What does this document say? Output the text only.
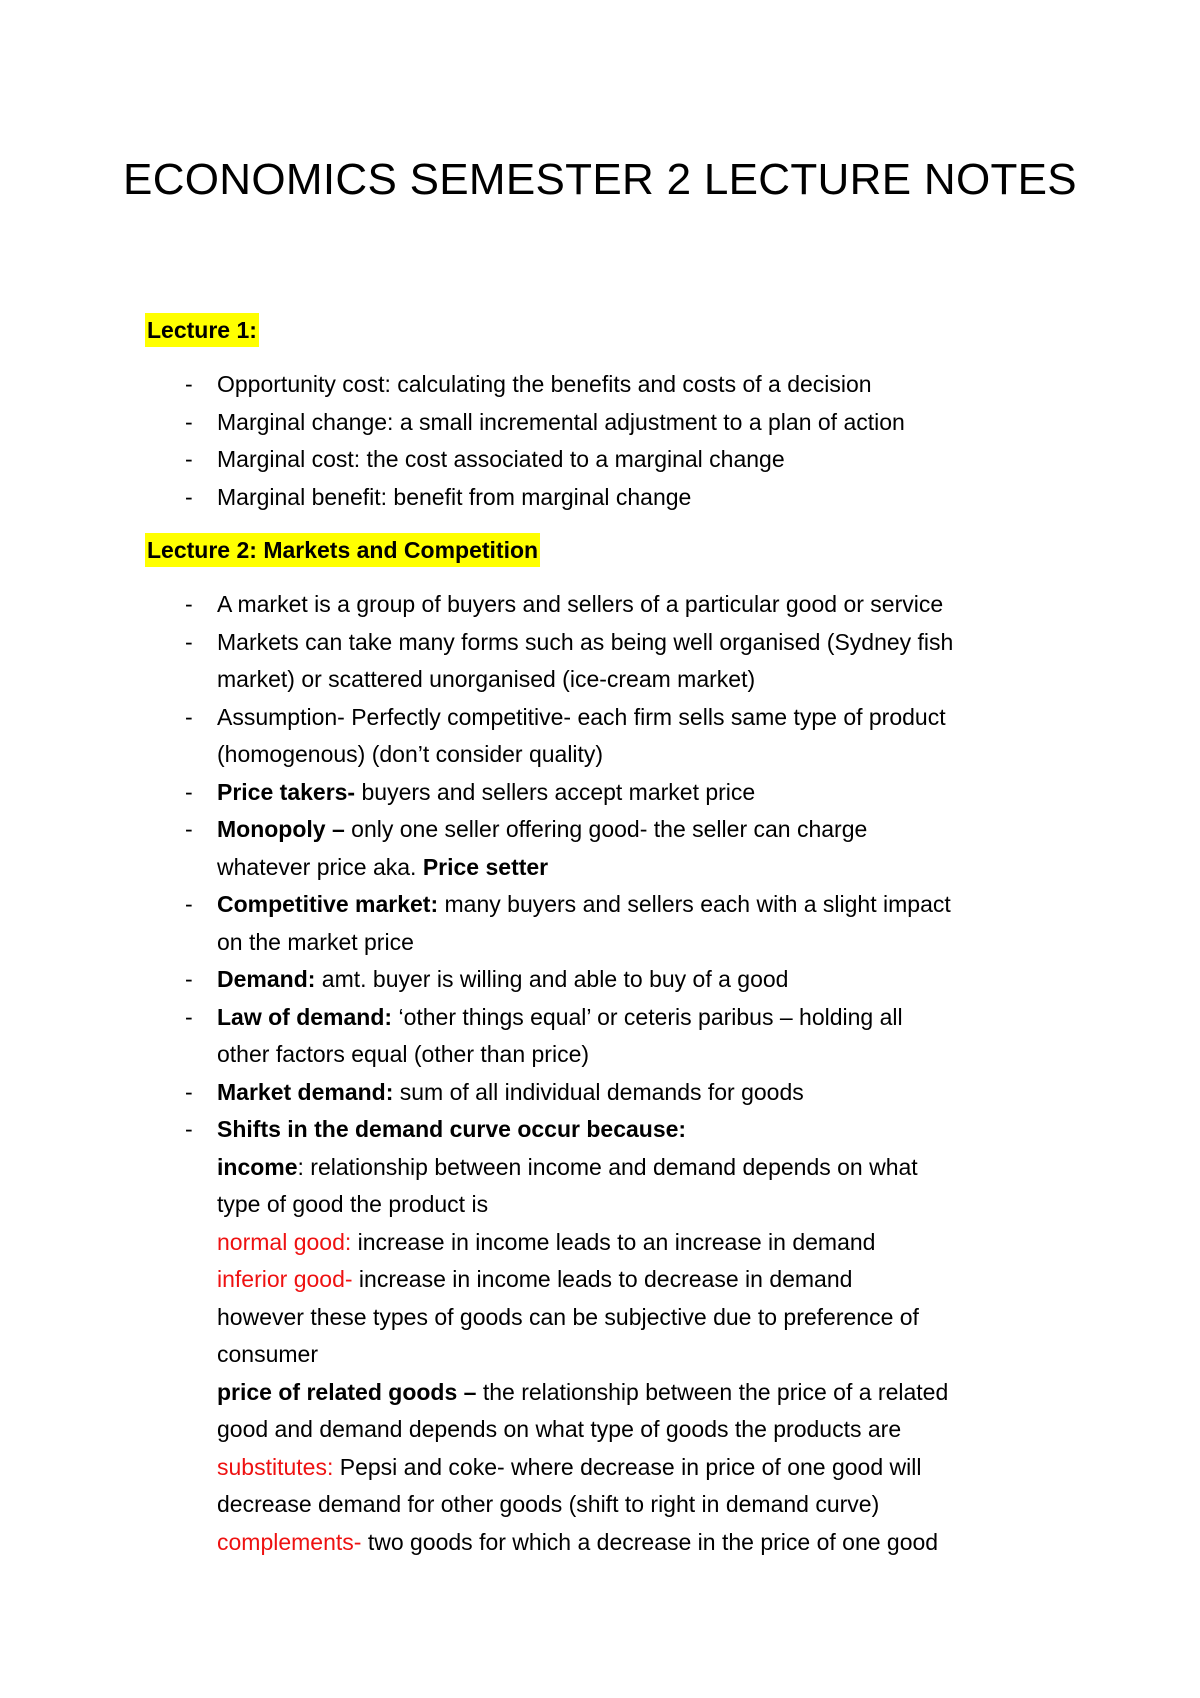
ECONOMICS SEMESTER 2 LECTURE NOTES
Lecture 1:
- Opportunity cost: calculating the benefits and costs of a decision
- Marginal change: a small incremental adjustment to a plan of action
- Marginal cost: the cost associated to a marginal change
- Marginal benefit: benefit from marginal change
Lecture 2: Markets and Competition
- A market is a group of buyers and sellers of a particular good or service
- Markets can take many forms such as being well organised (Sydney fish
market) or scattered unorganised (ice-cream market)
- Assumption- Perfectly competitive- each firm sells same type of product
(homogenous) (don’t consider quality)
- Price takers- buyers and sellers accept market price
- Monopoly – only one seller offering good- the seller can charge
whatever price aka. Price setter
- Competitive market: many buyers and sellers each with a slight impact
on the market price
- Demand: amt. buyer is willing and able to buy of a good
- Law of demand: ‘other things equal’ or ceteris paribus – holding all
other factors equal (other than price)
- Market demand: sum of all individual demands for goods
- Shifts in the demand curve occur because:
income: relationship between income and demand depends on what
type of good the product is
normal good: increase in income leads to an increase in demand
inferior good- increase in income leads to decrease in demand
however these types of goods can be subjective due to preference of
consumer
price of related goods – the relationship between the price of a related
good and demand depends on what type of goods the products are
substitutes: Pepsi and coke- where decrease in price of one good will
decrease demand for other goods (shift to right in demand curve)
complements- two goods for which a decrease in the price of one good
